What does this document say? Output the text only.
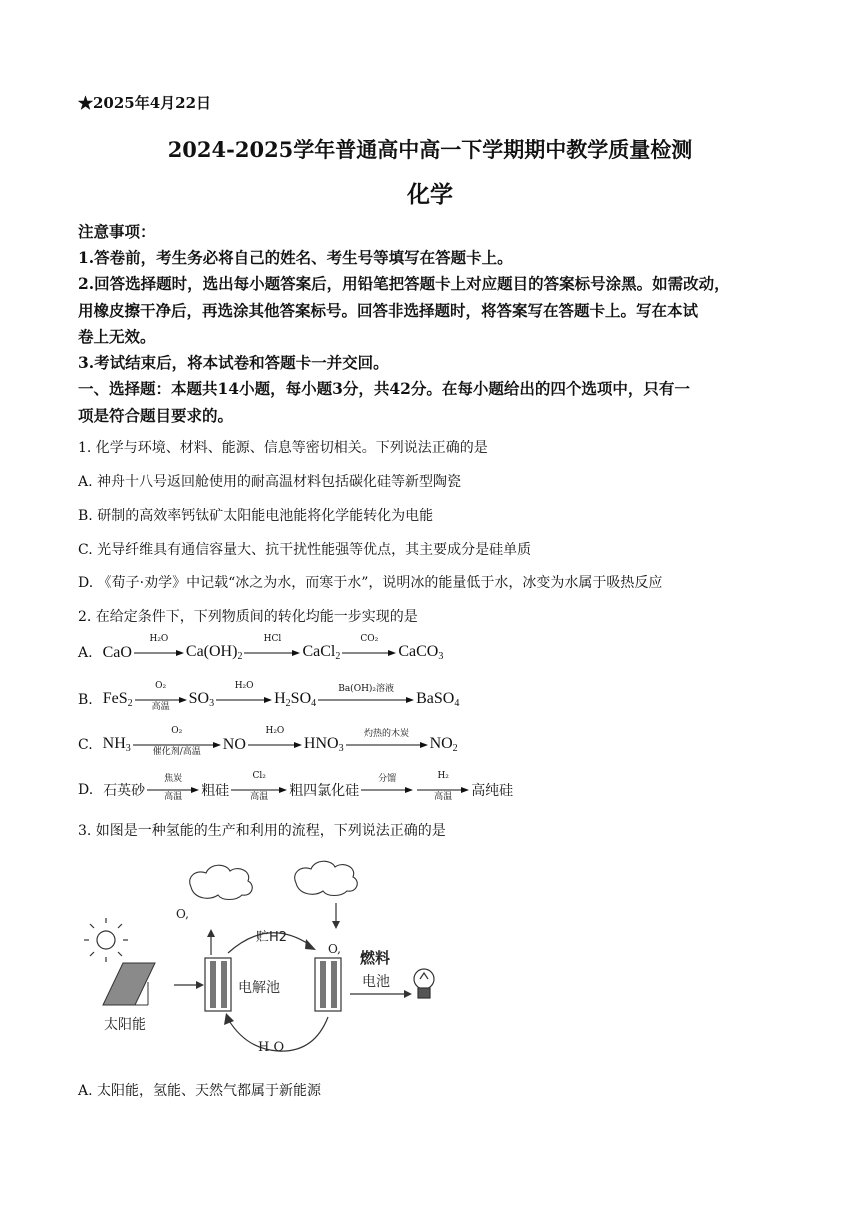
★2025年4月22日
2024-2025学年普通高中高一下学期期中教学质量检测
化学
注意事项：
1.答卷前，考生务必将自己的姓名、考生号等填写在答题卡上。
2.回答选择题时，选出每小题答案后，用铅笔把答题卡上对应题目的答案标号涂黑。如需改动，
用橡皮擦干净后，再选涂其他答案标号。回答非选择题时，将答案写在答题卡上。写在本试
卷上无效。
3.考试结束后，将本试卷和答题卡一并交回。
一、选择题：本题共14小题，每小题3分，共42分。在每小题给出的四个选项中，只有一
项是符合题目要求的。
1. 化学与环境、材料、能源、信息等密切相关。下列说法正确的是
A. 神舟十八号返回舱使用的耐高温材料包括碳化硅等新型陶瓷
B. 研制的高效率钙钛矿太阳能电池能将化学能转化为电能
C. 光导纤维具有通信容量大、抗干扰性能强等优点，其主要成分是硅单质
D. 《荀子·劝学》中记载“冰之为水，而寒于水”，说明冰的能量低于水，冰变为水属于吸热反应
2. 在给定条件下，下列物质间的转化均能一步实现的是
A. CaO
H₂O
$Ca(OH)_2$
HCl
CaCl$_2$
CO₂
CaCO$_3$
B. FeS$_2$
O₂
高温	$SO_3$
H₂O
$H_2SO_4$
Ba(OH)₂溶液
BaSO$_4$
C. $NH_3$
O₂
催化剂/高温	NO
H₂O
$HNO_3$
灼热的木炭
$NO_2$
D. 石英砂
焦炭
高温	粗硅
Cl₂
高温	粗四氯化硅
分馏	H₂
高温	高纯硅
3. 如图是一种氢能的生产和利用的流程，下列说法正确的是
太阳能
O,
O,
电解池
燃料
电池
贮H2
H O
A. 太阳能，氢能、天然气都属于新能源
